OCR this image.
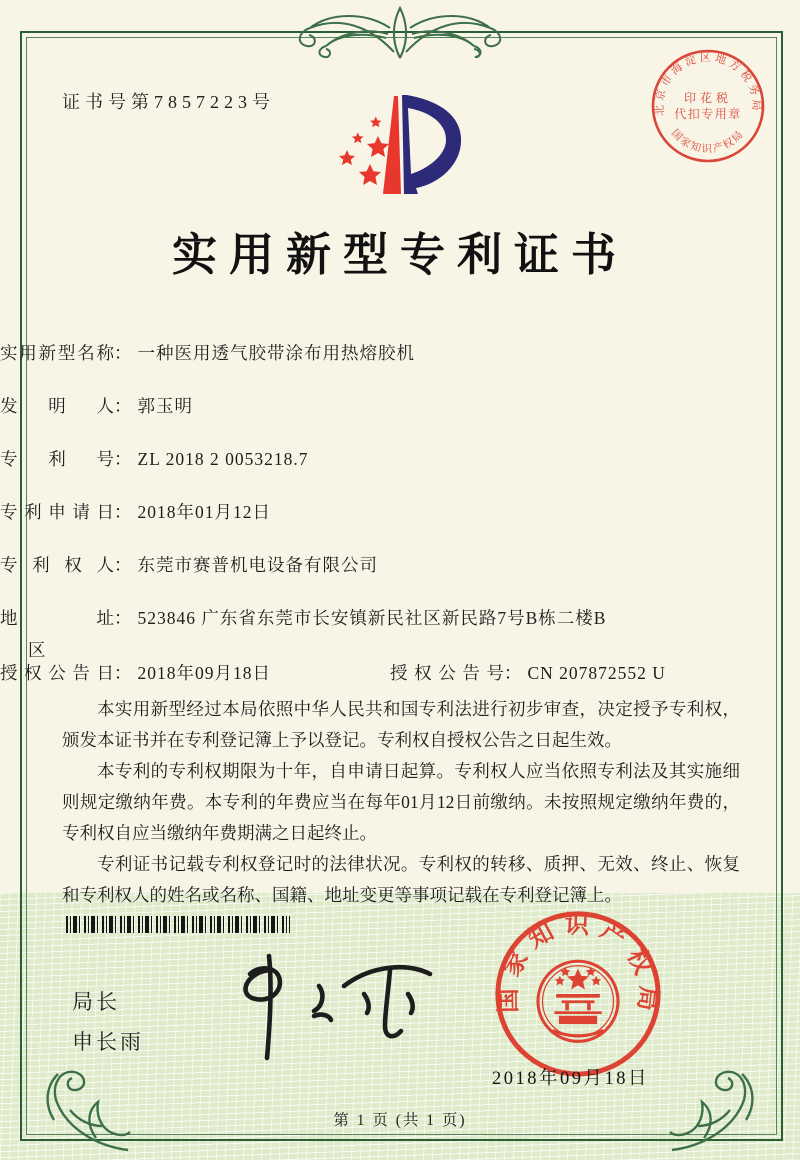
证书号第7857223号	北京市海淀区地方税务局
国家知识产权局
印花税
代扣专用章
实用新型专利证书
实用新型名称： 一种医用透气胶带涂布用热熔胶机
发明人： 郭玉明
专利号： ZL 2018 2 0053218.7
专利申请日： 2018年01月12日
专利权人： 东莞市赛普机电设备有限公司
地址： 523846 广东省东莞市长安镇新民社区新民路7号B栋二楼B
区
授权公告日： 2018年09月18日	授权公告号： CN 207872552 U

本实用新型经过本局依照中华人民共和国专利法进行初步审查，决定授予专利权，颁发本证书并在专利登记簿上予以登记。专利权自授权公告之日起生效。

本专利的专利权期限为十年，自申请日起算。专利权人应当依照专利法及其实施细则规定缴纳年费。本专利的年费应当在每年01月12日前缴纳。未按照规定缴纳年费的，专利权自应当缴纳年费期满之日起终止。

专利证书记载专利权登记时的法律状况。专利权的转移、质押、无效、终止、恢复和专利权人的姓名或名称、国籍、地址变更等事项记载在专利登记簿上。

局长
申长雨
国家知识产权局
2018年09月18日
第 1 页 (共 1 页)
